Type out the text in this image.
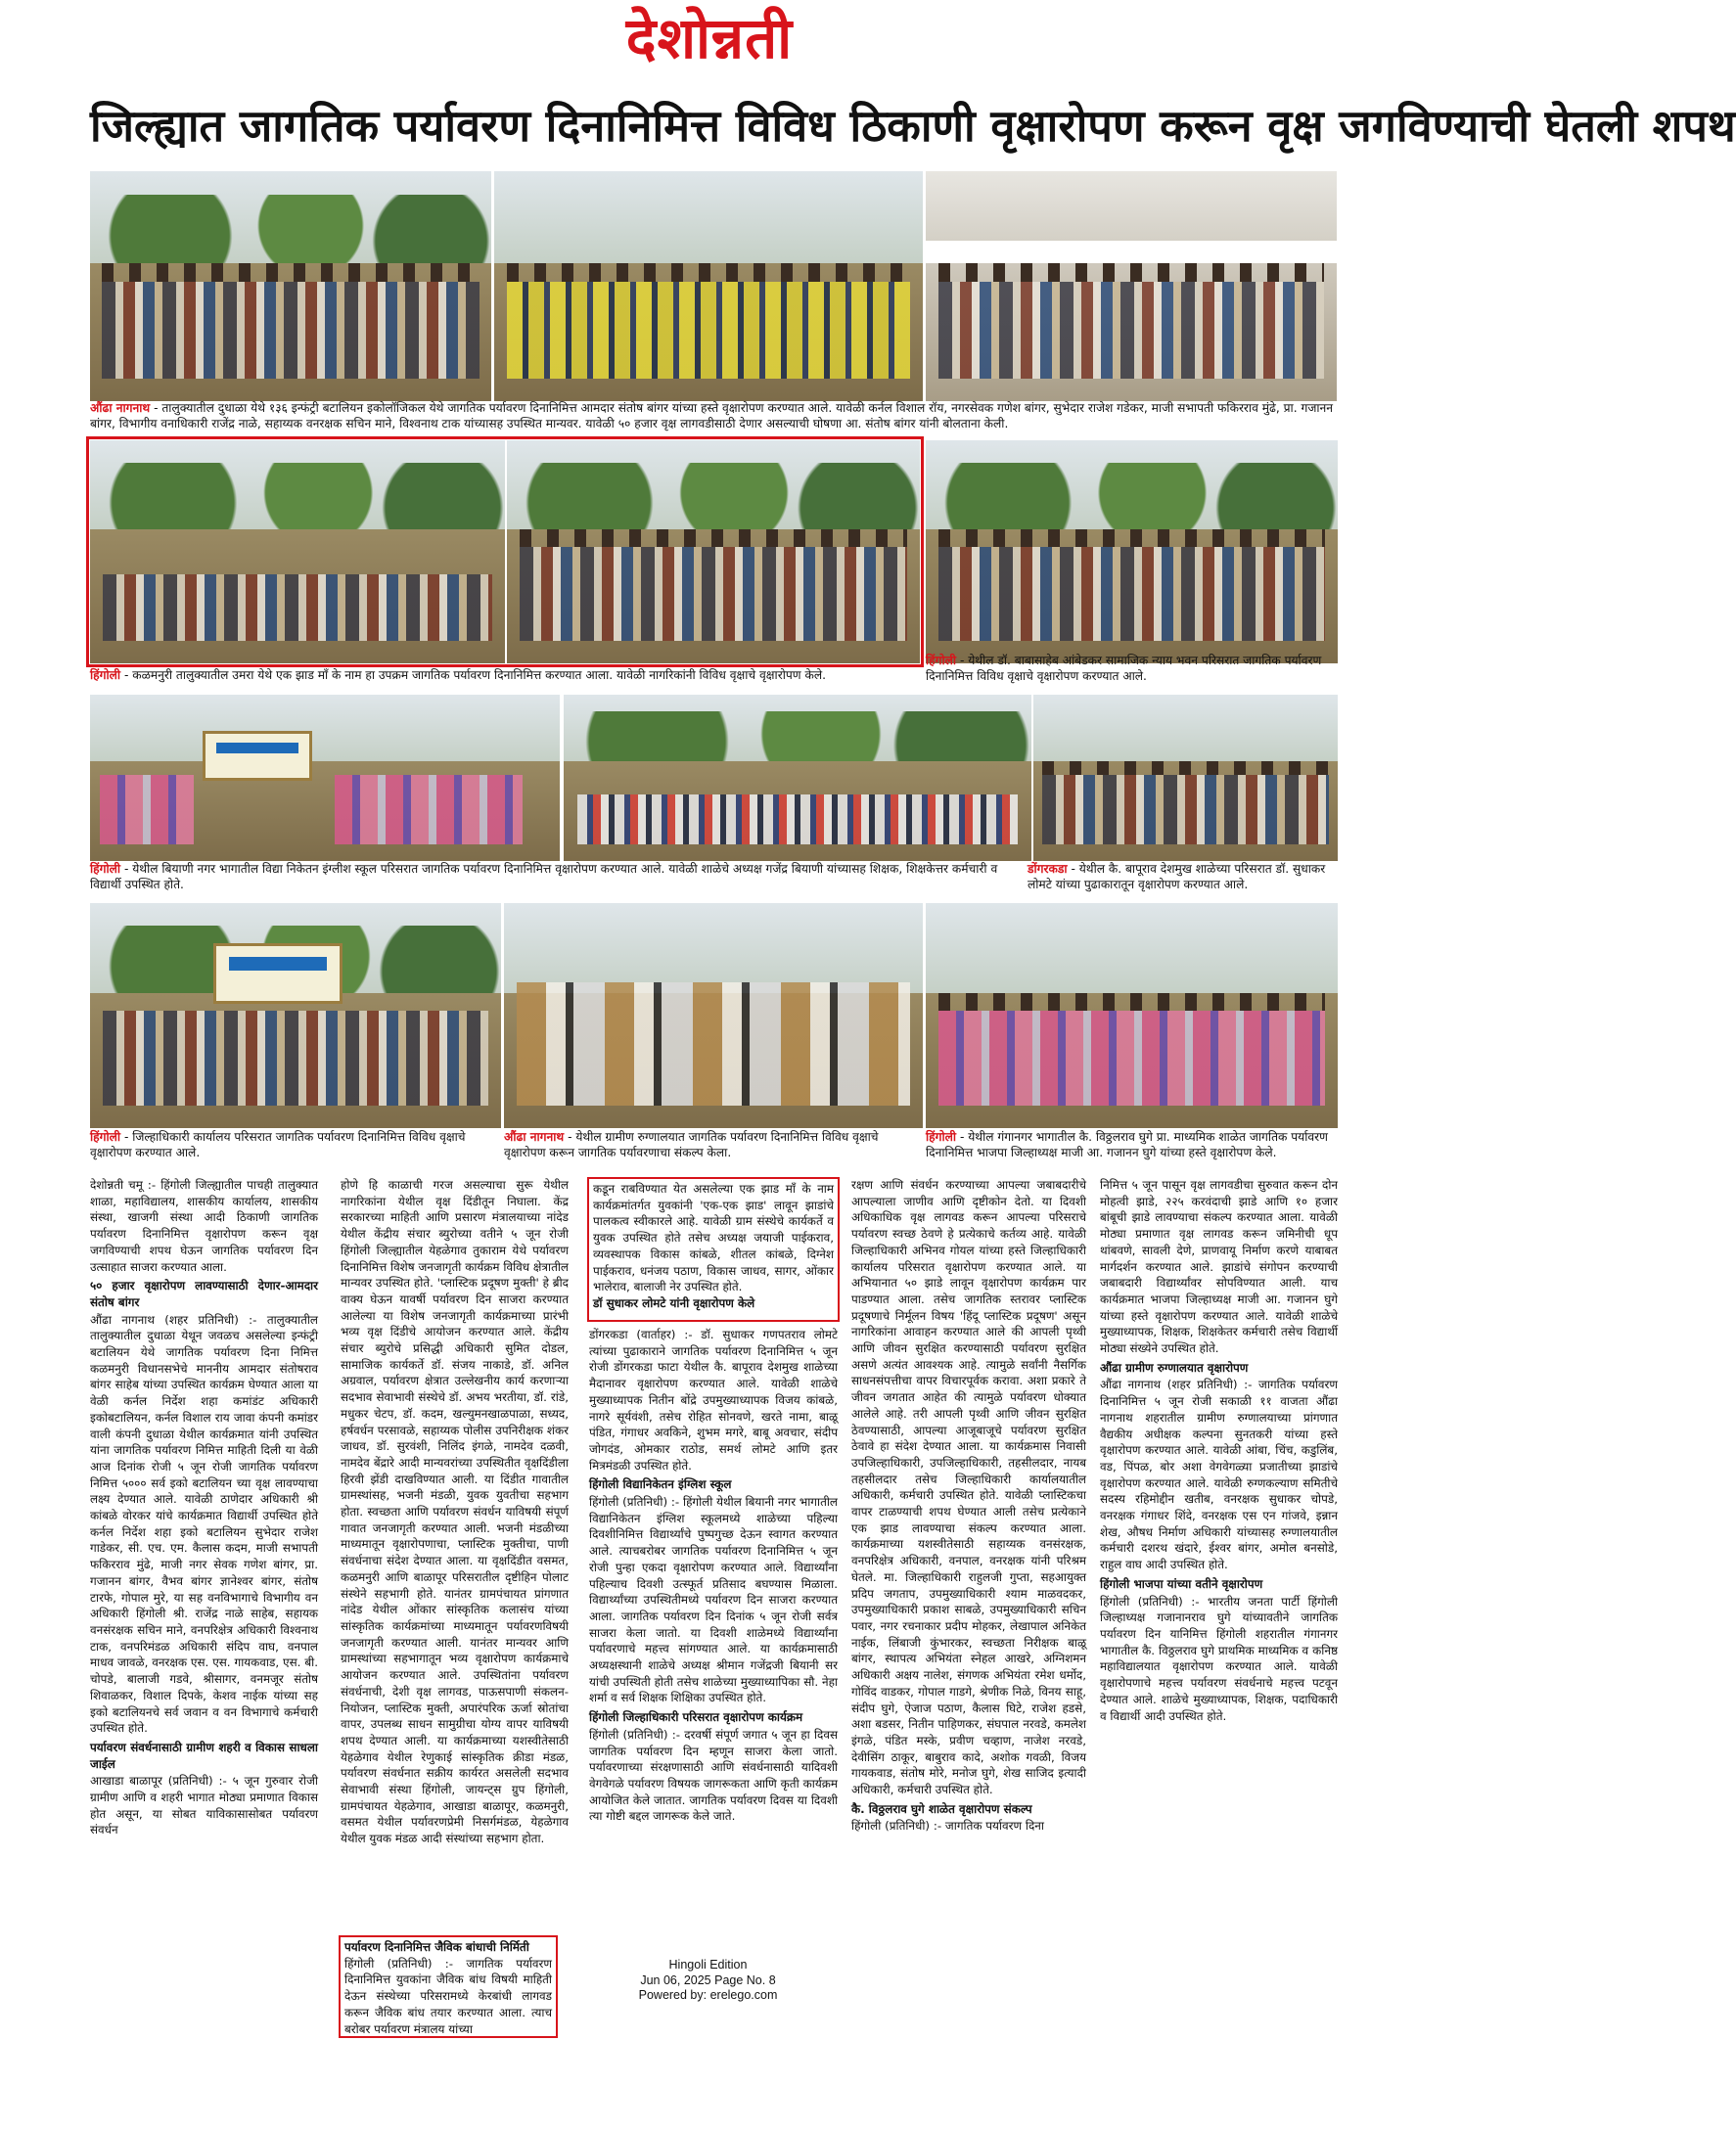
देशोन्नती
जिल्ह्यात जागतिक पर्यावरण दिनानिमित्त विविध ठिकाणी वृक्षारोपण करून वृक्ष जगविण्याची घेतली शपथ
औंढा नागनाथ - तालुक्यातील दुधाळा येथे १३६ इन्फंट्री बटालियन इकोलॉजिकल येथे जागतिक पर्यावरण दिनानिमित्त आमदार संतोष बांगर यांच्या हस्ते वृक्षारोपण करण्यात आले. यावेळी कर्नल विशाल रॉय, नगरसेवक गणेश बांगर, सुभेदार राजेश गडेकर, माजी सभापती फकिरराव मुंढे, प्रा. गजानन बांगर, विभागीय वनाधिकारी राजेंद्र नाळे, सहाय्यक वनरक्षक सचिन माने, विश्वनाथ टाक यांच्यासह उपस्थित मान्यवर. यावेळी ५० हजार वृक्ष लागवडीसाठी देणार असल्याची घोषणा आ. संतोष बांगर यांनी बोलताना केली.
हिंगोली - कळमनुरी तालुक्यातील उमरा येथे एक झाड माँ के नाम हा उपक्रम जागतिक पर्यावरण दिनानिमित्त करण्यात आला. यावेळी नागरिकांनी विविध वृक्षाचे वृक्षारोपण केले.
हिंगोली - येथील डॉ. बाबासाहेब आंबेडकर सामाजिक न्याय भवन परिसरात जागतिक पर्यावरण दिनानिमित्त विविध वृक्षाचे वृक्षारोपण करण्यात आले.
हिंगोली - येथील बियाणी नगर भागातील विद्या निकेतन इंग्लीश स्कूल परिसरात जागतिक पर्यावरण दिनानिमित्त वृक्षारोपण करण्यात आले. यावेळी शाळेचे अध्यक्ष गजेंद्र बियाणी यांच्यासह शिक्षक, शिक्षकेत्तर कर्मचारी व विद्यार्थी उपस्थित होते.
डोंगरकडा - येथील कै. बापूराव देशमुख शाळेच्या परिसरात डॉ. सुधाकर लोमटे यांच्या पुढाकारातून वृक्षारोपण करण्यात आले.
हिंगोली - जिल्हाधिकारी कार्यालय परिसरात जागतिक पर्यावरण दिनानिमित्त विविध वृक्षाचे वृक्षारोपण करण्यात आले.
औंढा नागनाथ - येथील ग्रामीण रुग्णालयात जागतिक पर्यावरण दिनानिमित्त विविध वृक्षाचे वृक्षारोपण करून जागतिक पर्यावरणाचा संकल्प केला.
हिंगोली - येथील गंगानगर भागातील कै. विठ्ठलराव घुगे प्रा. माध्यमिक शाळेत जागतिक पर्यावरण दिनानिमित्त भाजपा जिल्हाध्यक्ष माजी आ. गजानन घुगे यांच्या हस्ते वृक्षारोपण केले.

देशोन्नती चमू :- हिंगोली जिल्ह्यातील पाचही तालुक्यात शाळा, महाविद्यालय, शासकीय कार्यालय, शासकीय संस्था, खाजगी संस्था आदी ठिकाणी जागतिक पर्यावरण दिनानिमित्त वृक्षारोपण करून वृक्ष जगविण्याची शपथ घेऊन जागतिक पर्यावरण दिन उत्साहात साजरा करण्यात आला.

५० हजार वृक्षारोपण लावण्यासाठी देणार-आमदार संतोष बांगर

औंढा नागनाथ (शहर प्रतिनिधी) :- तालुक्यातील तालुक्यातील दुधाळा येथून जवळच असलेल्या इन्फंट्री बटालियन येथे जागतिक पर्यावरण दिना निमित्त कळमनुरी विधानसभेचे माननीय आमदार संतोषराव बांगर साहेब यांच्या उपस्थित कार्यक्रम घेण्यात आला या वेळी कर्नल निर्देश शहा कमांडंट अधिकारी इकोबटालियन, कर्नल विशाल राय जावा कंपनी कमांडर वाली कंपनी दुधाळा येथील कार्यक्रमात यांनी उपस्थित यांना जागतिक पर्यावरण निमित्त माहिती दिली या वेळी आज दिनांक रोजी ५ जून रोजी जागतिक पर्यावरण निमित्त ५००० सर्व इको बटालियन च्या वृक्ष लावण्याचा लक्ष्य देण्यात आले. यावेळी ठाणेदार अधिकारी श्री कांबळे वोरकर यांचे कार्यक्रमात विद्यार्थी उपस्थित होते कर्नल निर्देश शहा इको बटालियन सुभेदार राजेश गाडेकर, सी. एच. एम. कैलास कदम, माजी सभापती फकिरराव मुंढे, माजी नगर सेवक गणेश बांगर, प्रा. गजानन बांगर, वैभव बांगर ज्ञानेश्वर बांगर, संतोष टारफे, गोपाल मुरे, या सह वनविभागाचे विभागीय वन अधिकारी हिंगोली श्री. राजेंद्र नाळे साहेब, सहायक वनसंरक्षक सचिन माने, वनपरिक्षेत्र अधिकारी विश्वनाथ टाक, वनपरिमंडळ अधिकारी संदिप वाघ, वनपाल माधव जावळे, वनरक्षक एस. एस. गायकवाड, एस. बी. चोपडे, बालाजी गडवे, श्रीसागर, वनमजूर संतोष शिवाळकर, विशाल दिपके, केशव नाईक यांच्या सह इको बटालियनचे सर्व जवान व वन विभागाचे कर्मचारी उपस्थित होते.

पर्यावरण संवर्धनासाठी ग्रामीण शहरी व विकास साधला जाईल

आखाडा बाळापूर (प्रतिनिधी) :- ५ जून गुरुवार रोजी ग्रामीण आणि व शहरी भागात मोठ्या प्रमाणात विकास होत असून, या सोबत याविकासासोबत पर्यावरण संवर्धन

होणे हि काळाची गरज असल्याचा सुरू येथील नागरिकांना येथील वृक्ष दिंडीतून निघाला. केंद्र सरकारच्या माहिती आणि प्रसारण मंत्रालयाच्या नांदेड येथील केंद्रीय संचार ब्युरोच्या वतीने ५ जून रोजी हिंगोली जिल्ह्यातील येहळेगाव तुकाराम येथे पर्यावरण दिनानिमित्त विशेष जनजागृती कार्यक्रम विविध क्षेत्रातील मान्यवर उपस्थित होते. 'प्लास्टिक प्रदूषण मुक्ती' हे ब्रीद वाक्य घेऊन यावर्षी पर्यावरण दिन साजरा करण्यात आलेल्या या विशेष जनजागृती कार्यक्रमाच्या प्रारंभी भव्य वृक्ष दिंडीचे आयोजन करण्यात आले. केंद्रीय संचार ब्युरोचे प्रसिद्धी अधिकारी सुमित दोडल, सामाजिक कार्यकर्ते डॉ. संजय नाकाडे, डॉ. अनिल अग्रवाल, पर्यावरण क्षेत्रात उल्लेखनीय कार्य करणाऱ्या सदभाव सेवाभावी संस्थेचे डॉ. अभय भरतीया, डॉ. रांडे, मधुकर चेटप, डॉ. कदम, खल्युमनखाळपाळा, सध्यद, हर्षवर्धन परसावळे, सहाय्यक पोलीस उपनिरीक्षक शंकर जाधव, डॉ. सुरवंशी, निलिंद इंगळे, नामदेव दळवी, नामदेव बेंद्रारे आदी मान्यवरांच्या उपस्थितीत वृक्षदिंडीला हिरवी झेंडी दाखविण्यात आली. या दिंडीत गावातील ग्रामस्थांसह, भजनी मंडळी, युवक युवतीचा सहभाग होता. स्वच्छता आणि पर्यावरण संवर्धन याविषयी संपूर्ण गावात जनजागृती करण्यात आली. भजनी मंडळीच्या माध्यमातून वृक्षारोपणाचा, प्लास्टिक मुक्तीचा, पाणी संवर्धनाचा संदेश देण्यात आला. या वृक्षदिंडीत वसमत, कळमनुरी आणि बाळापूर परिसरातील दृष्टीहिन पोलाट संस्थेने सहभागी होते. यानंतर ग्रामपंचायत प्रांगणात नांदेड येथील ओंकार सांस्कृतिक कलासंच यांच्या सांस्कृतिक कार्यक्रमांच्या माध्यमातून पर्यावरणविषयी जनजागृती करण्यात आली. यानंतर मान्यवर आणि ग्रामस्थांच्या सहभागातून भव्य वृक्षारोपण कार्यक्रमाचे आयोजन करण्यात आले. उपस्थितांना पर्यावरण संवर्धनाची, देशी वृक्ष लागवड, पाऊसपाणी संकलन-नियोजन, प्लास्टिक मुक्ती, अपारंपरिक ऊर्जा स्रोतांचा वापर, उपलब्ध साधन सामुग्रीचा योग्य वापर याविषयी शपथ देण्यात आली. या कार्यक्रमाच्या यशस्वीतेसाठी येहळेगाव येथील रेणुकाई सांस्कृतिक क्रीडा मंडळ, पर्यावरण संवर्धनात सक्रीय कार्यरत असलेली सदभाव सेवाभावी संस्था हिंगोली, जायन्ट्स ग्रुप हिंगोली, ग्रामपंचायत येहळेगाव, आखाडा बाळापूर, कळमनुरी, वसमत येथील पर्यावरणप्रेमी निसर्गमंडळ, येहळेगाव येथील युवक मंडळ आदी संस्थांच्या सहभाग होता.

पर्यावरण दिनानिमित्त जैविक बांधाची निर्मिती
हिंगोली (प्रतिनिधी) :- जागतिक पर्यावरण दिनानिमित्त युवकांना जैविक बांध विषयी माहिती देऊन संस्थेच्या परिसरामध्ये केरबांधी लागवड करून जैविक बांध तयार करण्यात आला. त्याच बरोबर पर्यावरण मंत्रालय यांच्या
कडून राबविण्यात येत असलेल्या एक झाड माँ के नाम कार्यक्रमांतर्गत युवकांनी 'एक-एक झाड' लावून झाडांचे पालकत्व स्वीकारले आहे. यावेळी ग्राम संस्थेचे कार्यकर्ते व युवक उपस्थित होते तसेच अध्यक्ष जयाजी पाईकराव, व्यवस्थापक विकास कांबळे, शीतल कांबळे, दिग्नेश पाईकराव, धनंजय पठाण, विकास जाधव, सागर, ओंकार भालेराव, बालाजी नेर उपस्थित होते.
डॉ सुधाकर लोमटे यांनी वृक्षारोपण केले

डोंगरकडा (वार्ताहर) :- डॉ. सुधाकर गणपतराव लोमटे त्यांच्या पुढाकाराने जागतिक पर्यावरण दिनानिमित्त ५ जून रोजी डोंगरकडा फाटा येथील कै. बापूराव देशमुख शाळेच्या मैदानावर वृक्षारोपण करण्यात आले. यावेळी शाळेचे मुख्याध्यापक नितीन बोंद्रे उपमुख्याध्यापक विजय कांबळे, नागरे सूर्यवंशी, तसेच रोहित सोनवणे, खरते नामा, बाळू पंडित, गंगाधर अवकिने, शुभम मगरे, बाबू अवचार, संदीप जोगदंड, ओमकार राठोड, समर्थ लोमटे आणि इतर मित्रमंडळी उपस्थित होते.

हिंगोली विद्यानिकेतन इंग्लिश स्कूल

हिंगोली (प्रतिनिधी) :- हिंगोली येथील बियानी नगर भागातील विद्यानिकेतन इंग्लिश स्कूलमध्ये शाळेच्या पहिल्या दिवशीनिमित्त विद्यार्थ्यांचे पुष्पगुच्छ देऊन स्वागत करण्यात आले. त्याचबरोबर जागतिक पर्यावरण दिनानिमित्त ५ जून रोजी पुन्हा एकदा वृक्षारोपण करण्यात आले. विद्यार्थ्यांना पहिल्याच दिवशी उत्स्फूर्त प्रतिसाद बघण्यास मिळाला. विद्यार्थ्यांच्या उपस्थितीमध्ये पर्यावरण दिन साजरा करण्यात आला. जागतिक पर्यावरण दिन दिनांक ५ जून रोजी सर्वत्र साजरा केला जातो. या दिवशी शाळेमध्ये विद्यार्थ्यांना पर्यावरणाचे महत्त्व सांगण्यात आले. या कार्यक्रमासाठी अध्यक्षस्थानी शाळेचे अध्यक्ष श्रीमान गजेंद्रजी बियानी सर यांची उपस्थिती होती तसेच शाळेच्या मुख्याध्यापिका सौ. नेहा शर्मा व सर्व शिक्षक शिक्षिका उपस्थित होते.

हिंगोली जिल्हाधिकारी परिसरात वृक्षारोपण कार्यक्रम

हिंगोली (प्रतिनिधी) :- दरवर्षी संपूर्ण जगात ५ जून हा दिवस जागतिक पर्यावरण दिन म्हणून साजरा केला जातो. पर्यावरणाच्या संरक्षणासाठी आणि संवर्धनासाठी यादिवशी वेगवेगळे पर्यावरण विषयक जागरूकता आणि कृती कार्यक्रम आयोजित केले जातात. जागतिक पर्यावरण दिवस या दिवशी त्या गोष्टी बद्दल जागरूक केले जाते.

रक्षण आणि संवर्धन करण्याच्या आपल्या जबाबदारीचे आपल्याला जाणीव आणि दृष्टीकोन देतो. या दिवशी अधिकाधिक वृक्ष लागवड करून आपल्या परिसराचे पर्यावरण स्वच्छ ठेवणे हे प्रत्येकाचे कर्तव्य आहे. यावेळी जिल्हाधिकारी अभिनव गोयल यांच्या हस्ते जिल्हाधिकारी कार्यालय परिसरात वृक्षारोपण करण्यात आले. या अभियानात ५० झाडे लावून वृक्षारोपण कार्यक्रम पार पाडण्यात आला. तसेच जागतिक स्तरावर प्लास्टिक प्रदूषणाचे निर्मूलन विषय 'हिंदू प्लास्टिक प्रदूषण' असून नागरिकांना आवाहन करण्यात आले की आपली पृथ्वी आणि जीवन सुरक्षित करण्यासाठी पर्यावरण सुरक्षित असणे अत्यंत आवश्यक आहे. त्यामुळे सर्वांनी नैसर्गिक साधनसंपत्तीचा वापर विचारपूर्वक करावा. अशा प्रकारे ते जीवन जगतात आहेत की त्यामुळे पर्यावरण धोक्यात आलेले आहे. तरी आपली पृथ्वी आणि जीवन सुरक्षित ठेवण्यासाठी, आपल्या आजूबाजूचे पर्यावरण सुरक्षित ठेवावे हा संदेश देण्यात आला. या कार्यक्रमास निवासी उपजिल्हाधिकारी, उपजिल्हाधिकारी, तहसीलदार, नायब तहसीलदार तसेच जिल्हाधिकारी कार्यालयातील अधिकारी, कर्मचारी उपस्थित होते. यावेळी प्लास्टिकचा वापर टाळण्याची शपथ घेण्यात आली तसेच प्रत्येकाने एक झाड लावण्याचा संकल्प करण्यात आला. कार्यक्रमाच्या यशस्वीतेसाठी सहाय्यक वनसंरक्षक, वनपरिक्षेत्र अधिकारी, वनपाल, वनरक्षक यांनी परिश्रम घेतले. मा. जिल्हाधिकारी राहुलजी गुप्ता, सहआयुक्त प्रदिप जगताप, उपमुख्याधिकारी श्याम माळवदकर, उपमुख्याधिकारी प्रकाश साबळे, उपमुख्याधिकारी सचिन पवार, नगर रचनाकार प्रदीप मोहकर, लेखापाल अनिकेत नाईक, लिंबाजी कुंभारकर, स्वच्छता निरीक्षक बाळू बांगर, स्थापत्य अभियंता स्नेहल आखरे, अग्निशमन अधिकारी अक्षय नालेश, संगणक अभियंता रमेश धर्मोद, गोविंद वाडकर, गोपाल गाडगे, श्रेणीक निळे, विनय साहू, संदीप घुगे, ऐजाज पठाण, कैलास घिटे, राजेश हडसे, अशा बडसर, नितीन पाहिणकर, संघपाल नरवडे, कमलेश इंगळे, पंडित मस्के, प्रवीण चव्हाण, नाजेश नरवडे, देवीसिंग ठाकूर, बाबुराव कादे, अशोक गवळी, विजय गायकवाड, संतोष मोरे, मनोज घुगे, शेख साजिद इत्यादी अधिकारी, कर्मचारी उपस्थित होते.

कै. विठ्ठलराव घुगे शाळेत वृक्षारोपण संकल्प

हिंगोली (प्रतिनिधी) :- जागतिक पर्यावरण दिना

निमित्त ५ जून पासून वृक्ष लागवडीचा सुरुवात करून दोन मोहत्वी झाडे, २२५ करवंदाची झाडे आणि १० हजार बांबूची झाडे लावण्याचा संकल्प करण्यात आला. यावेळी मोठ्या प्रमाणात वृक्ष लागवड करून जमिनीची धूप थांबवणे, सावली देणे, प्राणवायू निर्माण करणे याबाबत मार्गदर्शन करण्यात आले. झाडांचे संगोपन करण्याची जबाबदारी विद्यार्थ्यांवर सोपविण्यात आली. याच कार्यक्रमात भाजपा जिल्हाध्यक्ष माजी आ. गजानन घुगे यांच्या हस्ते वृक्षारोपण करण्यात आले. यावेळी शाळेचे मुख्याध्यापक, शिक्षक, शिक्षकेतर कर्मचारी तसेच विद्यार्थी मोठ्या संख्येने उपस्थित होते.

औंढा ग्रामीण रुग्णालयात वृक्षारोपण

औंढा नागनाथ (शहर प्रतिनिधी) :- जागतिक पर्यावरण दिनानिमित्त ५ जून रोजी सकाळी ११ वाजता औंढा नागनाथ शहरातील ग्रामीण रुग्णालयाच्या प्रांगणात वैद्यकीय अधीक्षक कल्पना सुनतकरी यांच्या हस्ते वृक्षारोपण करण्यात आले. यावेळी आंबा, चिंच, कडुलिंब, वड, पिंपळ, बोर अशा वेगवेगळ्या प्रजातीच्या झाडांचे वृक्षारोपण करण्यात आले. यावेळी रुग्णकल्याण समितीचे सदस्य रहिमोद्दीन खतीब, वनरक्षक सुधाकर चोपडे, वनरक्षक गंगाधर शिंदे, वनरक्षक एस एन गांजवे, इन्नान शेख, औषध निर्माण अधिकारी यांच्यासह रुग्णालयातील कर्मचारी दशरथ खंदारे, ईश्वर बांगर, अमोल बनसोडे, राहुल वाघ आदी उपस्थित होते.

हिंगोली भाजपा यांच्या वतीने वृक्षारोपण

हिंगोली (प्रतिनिधी) :- भारतीय जनता पार्टी हिंगोली जिल्हाध्यक्ष गजानानराव घुगे यांच्यावतीने जागतिक पर्यावरण दिन यानिमित्त हिंगोली शहरातील गंगानगर भागातील कै. विठ्ठलराव घुगे प्राथमिक माध्यमिक व कनिष्ठ महाविद्यालयात वृक्षारोपण करण्यात आले. यावेळी वृक्षारोपणाचे महत्त्व पर्यावरण संवर्धनाचे महत्त्व पटवून देण्यात आले. शाळेचे मुख्याध्यापक, शिक्षक, पदाधिकारी व विद्यार्थी आदी उपस्थित होते.

Hingoli Edition
Jun 06, 2025 Page No. 8
Powered by: erelego.com
